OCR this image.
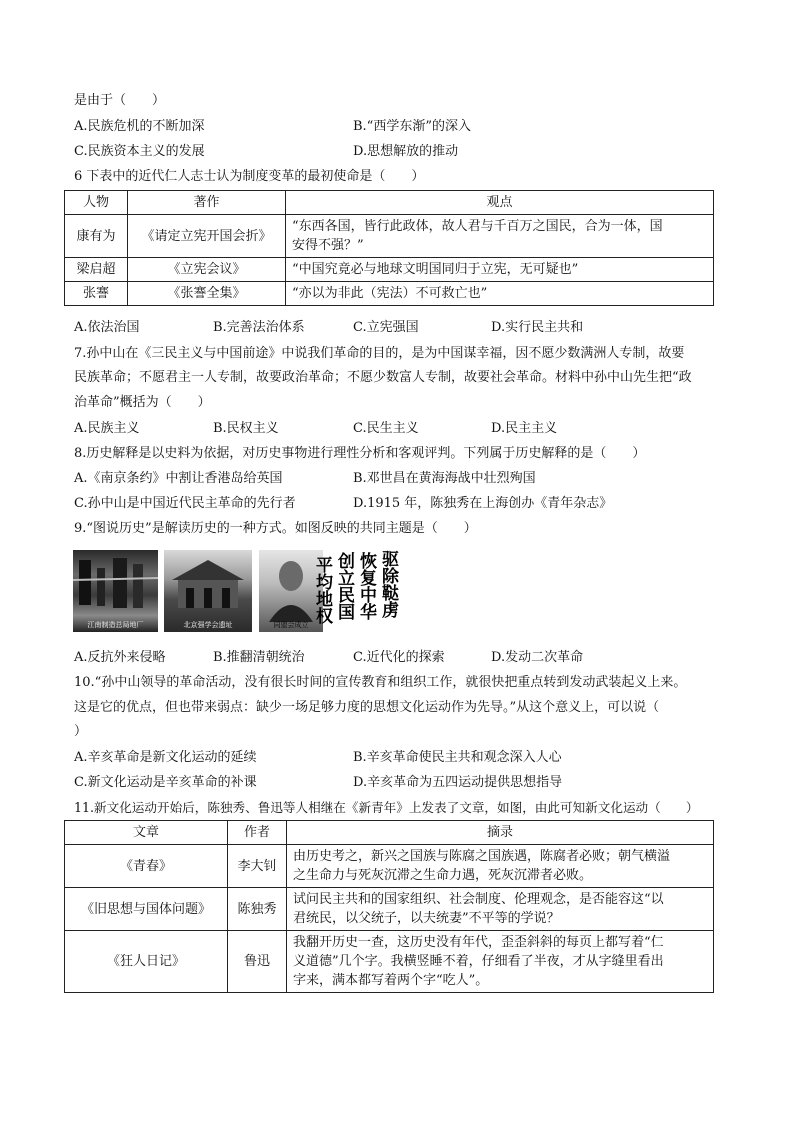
是由于（　　）
A.民族危机的不断加深	B.“西学东渐”的深入
C.民族资本主义的发展	D.思想解放的推动
6 下表中的近代仁人志士认为制度变革的最初使命是（　　）
人物	著作	观点
康有为	《请定立宪开国会折》	“东西各国，皆行此政体，故人君与千百万之国民，合为一体，国
安得不强？”
梁启超	《立宪会议》	“中国究竟必与地球文明国同归于立宪，无可疑也”
张謇	《张謇全集》	“亦以为非此（宪法）不可救亡也”
A.依法治国	B.完善法治体系	C.立宪强国	D.实行民主共和
7.孙中山在《三民主义与中国前途》中说我们革命的目的，是为中国谋幸福，因不愿少数满洲人专制，故要
民族革命；不愿君主一人专制，故要政治革命；不愿少数富人专制，故要社会革命。材料中孙中山先生把“政
治革命”概括为（　　）
A.民族主义	B.民权主义	C.民生主义	D.民主主义
8.历史解释是以史料为依据，对历史事物进行理性分析和客观评判。下列属于历史解释的是（　　）
A.《南京条约》中割让香港岛给英国	B.邓世昌在黄海海战中壮烈殉国
C.孙中山是中国近代民主革命的先行者	D.1915 年，陈独秀在上海创办《青年杂志》
9.“图说历史”是解读历史的一种方式。如图反映的共同主题是（　　）
江南制造总局地厂	北京强学会遗址	同盟会成立
平均地权 创立民国 恢复中华 驱除鞑虏
A.反抗外来侵略	B.推翻清朝统治	C.近代化的探索	D.发动二次革命
10.“孙中山领导的革命活动，没有很长时间的宣传教育和组织工作，就很快把重点转到发动武装起义上来。
这是它的优点，但也带来弱点：缺少一场足够力度的思想文化运动作为先导。”从这个意义上，可以说（
）
A.辛亥革命是新文化运动的延续	B.辛亥革命使民主共和观念深入人心
C.新文化运动是辛亥革命的补课	D.辛亥革命为五四运动提供思想指导
11.新文化运动开始后，陈独秀、鲁迅等人相继在《新青年》上发表了文章，如图，由此可知新文化运动（　　）
文章	作者	摘录
《青春》	李大钊	由历史考之，新兴之国族与陈腐之国族遇，陈腐者必败；朝气横溢
之生命力与死灰沉滞之生命力遇，死灰沉滞者必败。
《旧思想与国体问题》	陈独秀	试问民主共和的国家组织、社会制度、伦理观念，是否能容这“以
君统民，以父统子，以夫统妻”不平等的学说？
《狂人日记》	鲁迅	我翻开历史一查，这历史没有年代，歪歪斜斜的每页上都写着“仁
义道德”几个字。我横竖睡不着，仔细看了半夜，才从字缝里看出
字来，满本都写着两个字“吃人”。
